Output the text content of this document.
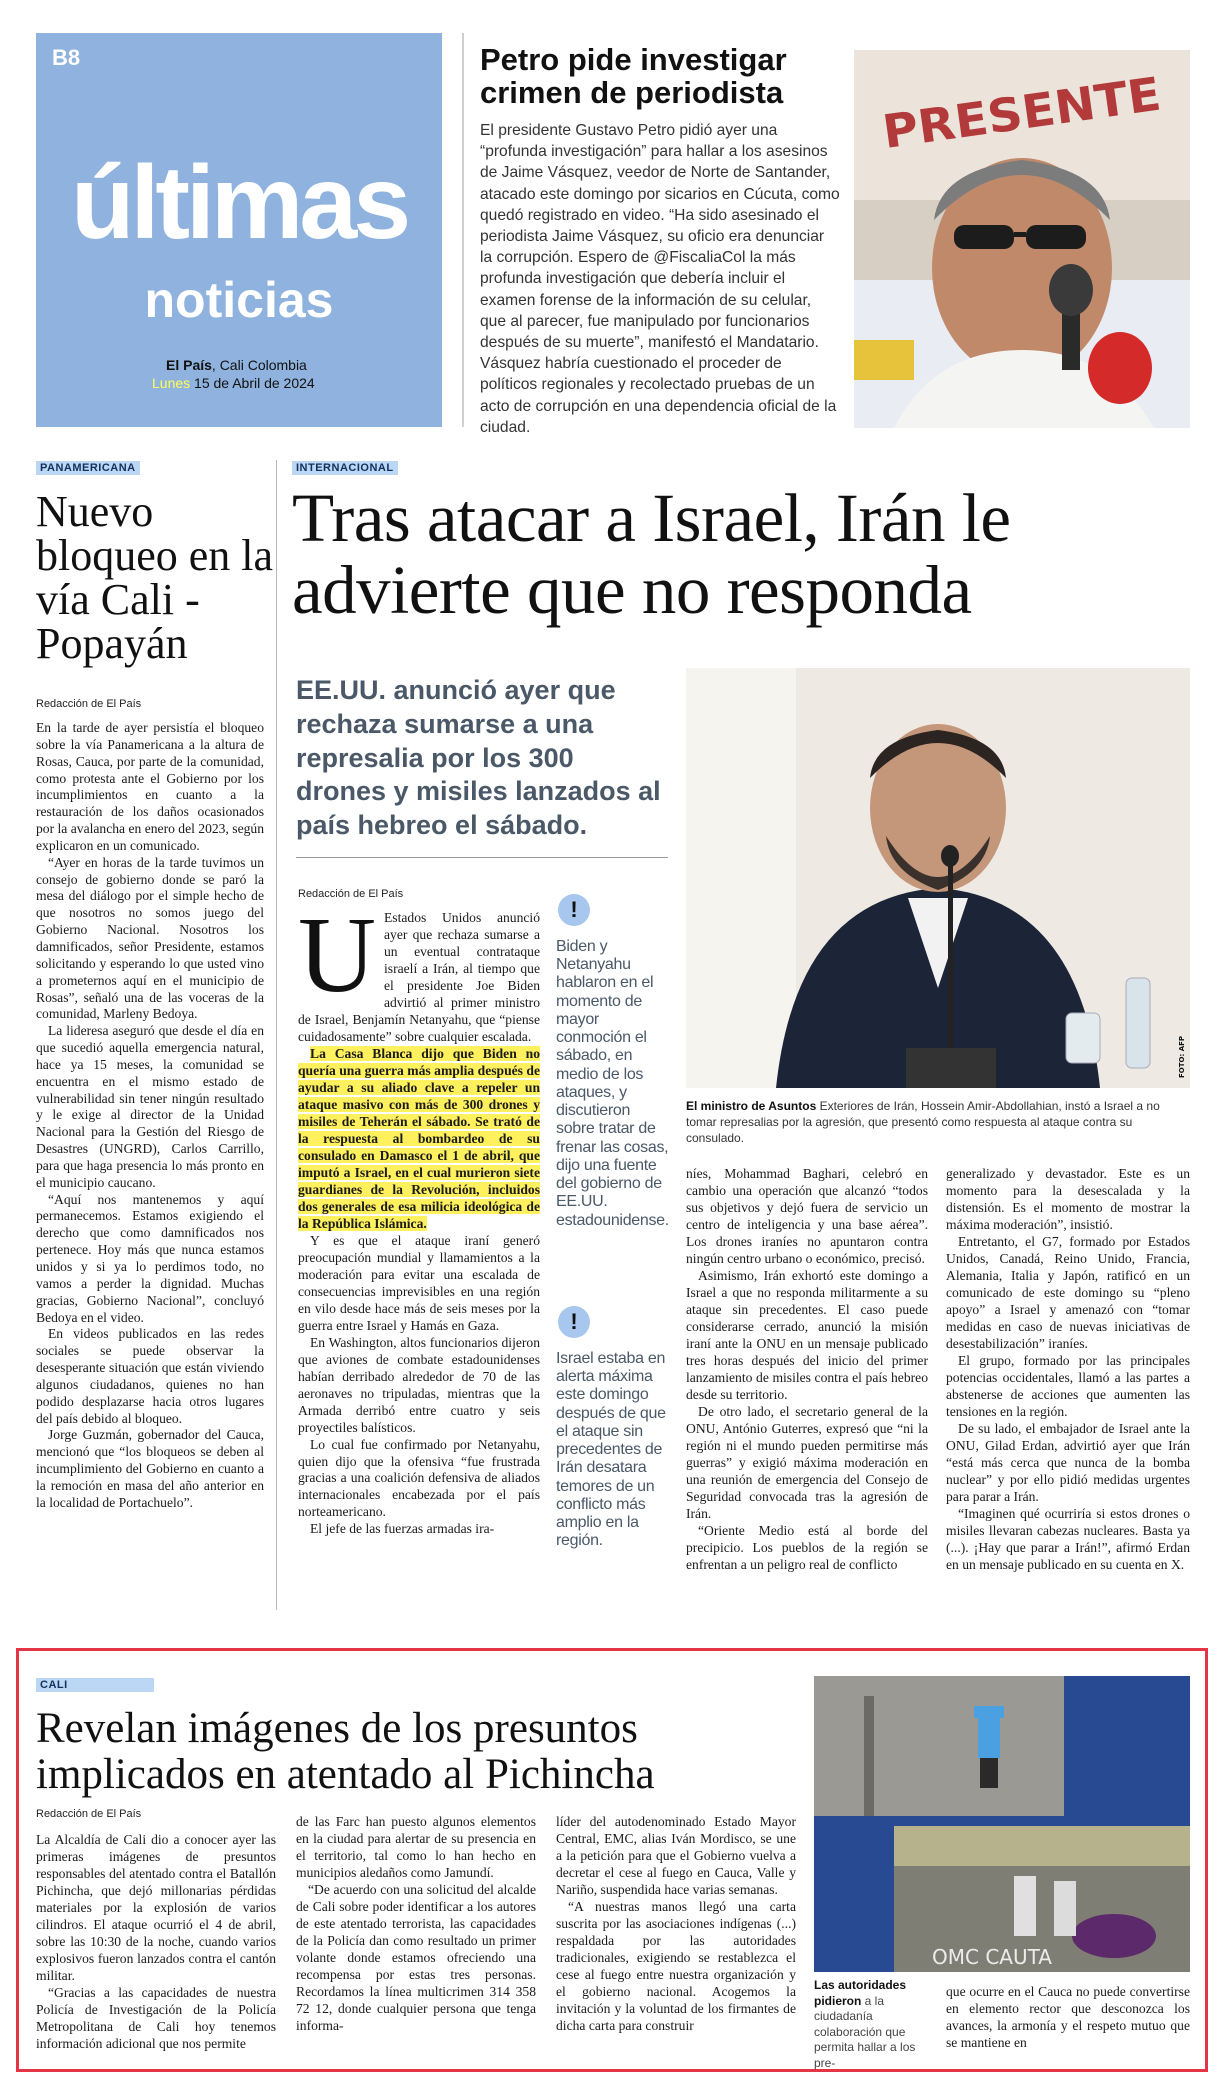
B8
últimas
noticias
El País, Cali Colombia
Lunes 15 de Abril de 2024
Petro pide investigar crimen de periodista
El presidente Gustavo Petro pidió ayer una “profunda investigación” para hallar a los asesinos de Jaime Vásquez, veedor de Norte de Santander, atacado este domingo por sicarios en Cúcuta, como quedó registrado en video. “Ha sido asesinado el periodista Jaime Vásquez, su oficio era denunciar la corrupción. Espero de @FiscaliaCol la más profunda investigación que debería incluir el examen forense de la información de su celular, que al parecer, fue manipulado por funcionarios después de su muerte”, manifestó el Mandatario. Vásquez habría cuestionado el proceder de políticos regionales y recolectado pruebas de un acto de corrupción en una dependencia oficial de la ciudad.
PRESENTE
PANAMERICANA
Nuevo bloqueo en la vía Cali - Popayán
Redacción de El País

En la tarde de ayer persistía el bloqueo sobre la vía Panamericana a la altura de Rosas, Cauca, por parte de la comunidad, como protesta ante el Gobierno por los incumplimientos en cuanto a la restauración de los daños ocasionados por la avalancha en enero del 2023, según explicaron en un comunicado.

“Ayer en horas de la tarde tuvimos un consejo de gobierno donde se paró la mesa del diálogo por el simple hecho de que nosotros no somos juego del Gobierno Nacional. Nosotros los damnificados, señor Presidente, estamos solicitando y esperando lo que usted vino a prometernos aquí en el municipio de Rosas”, señaló una de las voceras de la comunidad, Marleny Bedoya.

La lideresa aseguró que desde el día en que sucedió aquella emergencia natural, hace ya 15 meses, la comunidad se encuentra en el mismo estado de vulnerabilidad sin tener ningún resultado y le exige al director de la Unidad Nacional para la Gestión del Riesgo de Desastres (UNGRD), Carlos Carrillo, para que haga presencia lo más pronto en el municipio caucano.

“Aquí nos mantenemos y aquí permanecemos. Estamos exigiendo el derecho que como damnificados nos pertenece. Hoy más que nunca estamos unidos y si ya lo perdimos todo, no vamos a perder la dignidad. Muchas gracias, Gobierno Nacional”, concluyó Bedoya en el video.

En videos publicados en las redes sociales se puede observar la desesperante situación que están viviendo algunos ciudadanos, quienes no han podido desplazarse hacia otros lugares del país debido al bloqueo.

Jorge Guzmán, gobernador del Cauca, mencionó que “los bloqueos se deben al incumplimiento del Gobierno en cuanto a la remoción en masa del año anterior en la localidad de Portachuelo”.

INTERNACIONAL
Tras atacar a Israel, Irán le advierte que no responda
EE.UU. anunció ayer que rechaza sumarse a una represalia por los 300 drones y misiles lanzados al país hebreo el sábado.
FOTO: AFP
El ministro de Asuntos Exteriores de Irán, Hossein Amir-Abdollahian, instó a Israel a no tomar represalias por la agresión, que presentó como respuesta al ataque contra su consulado.
Redacción de El País

U Estados Unidos anunció ayer que rechaza sumarse a un eventual contrataque israelí a Irán, al tiempo que el presidente Joe Biden advirtió al primer ministro de Israel, Benjamín Netanyahu, que “piense cuidadosamente” sobre cualquier escalada.

La Casa Blanca dijo que Biden no quería una guerra más amplia después de ayudar a su aliado clave a repeler un ataque masivo con más de 300 drones y misiles de Teherán el sábado. Se trató de la respuesta al bombardeo de su consulado en Damasco el 1 de abril, que imputó a Israel, en el cual murieron siete guardianes de la Revolución, incluidos dos generales de esa milicia ideológica de la República Islámica.

Y es que el ataque iraní generó preocupación mundial y llamamientos a la moderación para evitar una escalada de consecuencias imprevisibles en una región en vilo desde hace más de seis meses por la guerra entre Israel y Hamás en Gaza.

En Washington, altos funcionarios dijeron que aviones de combate estadounidenses habían derribado alrededor de 70 de las aeronaves no tripuladas, mientras que la Armada derribó entre cuatro y seis proyectiles balísticos.

Lo cual fue confirmado por Netanyahu, quien dijo que la ofensiva “fue frustrada gracias a una coalición defensiva de aliados internacionales encabezada por el país norteamericano.

El jefe de las fuerzas armadas ira-

!
Biden y Netanyahu hablaron en el momento de mayor conmoción el sábado, en medio de los ataques, y discutieron sobre tratar de frenar las cosas, dijo una fuente del gobierno de EE.UU. estadounidense.
!
Israel estaba en alerta máxima este domingo después de que el ataque sin precedentes de Irán desatara temores de un conflicto más amplio en la región.

níes, Mohammad Baghari, celebró en cambio una operación que alcanzó “todos sus objetivos y dejó fuera de servicio un centro de inteligencia y una base aérea”. Los drones iraníes no apuntaron contra ningún centro urbano o económico, precisó.

Asimismo, Irán exhortó este domingo a Israel a que no responda militarmente a su ataque sin precedentes. El caso puede considerarse cerrado, anunció la misión iraní ante la ONU en un mensaje publicado tres horas después del inicio del primer lanzamiento de misiles contra el país hebreo desde su territorio.

De otro lado, el secretario general de la ONU, António Guterres, expresó que “ni la región ni el mundo pueden permitirse más guerras” y exigió máxima moderación en una reunión de emergencia del Consejo de Seguridad convocada tras la agresión de Irán.

“Oriente Medio está al borde del precipicio. Los pueblos de la región se enfrentan a un peligro real de conflicto

generalizado y devastador. Este es un momento para la desescalada y la distensión. Es el momento de mostrar la máxima moderación”, insistió.

Entretanto, el G7, formado por Estados Unidos, Canadá, Reino Unido, Francia, Alemania, Italia y Japón, ratificó en un comunicado de este domingo su “pleno apoyo” a Israel y amenazó con “tomar medidas en caso de nuevas iniciativas de desestabilización” iraníes.

El grupo, formado por las principales potencias occidentales, llamó a las partes a abstenerse de acciones que aumenten las tensiones en la región.

De su lado, el embajador de Israel ante la ONU, Gilad Erdan, advirtió ayer que Irán “está más cerca que nunca de la bomba nuclear” y por ello pidió medidas urgentes para parar a Irán.

“Imaginen qué ocurriría si estos drones o misiles llevaran cabezas nucleares. Basta ya (...). ¡Hay que parar a Irán!”, afirmó Erdan en un mensaje publicado en su cuenta en X.

CALI
Revelan imágenes de los presuntos implicados en atentado al Pichincha
Redacción de El País

La Alcaldía de Cali dio a conocer ayer las primeras imágenes de presuntos responsables del atentado contra el Batallón Pichincha, que dejó millonarias pérdidas materiales por la explosión de varios cilindros. El ataque ocurrió el 4 de abril, sobre las 10:30 de la noche, cuando varios explosivos fueron lanzados contra el cantón militar.

“Gracias a las capacidades de nuestra Policía de Investigación de la Policía Metropolitana de Cali hoy tenemos información adicional que nos permite

de las Farc han puesto algunos elementos en la ciudad para alertar de su presencia en el territorio, tal como lo han hecho en municipios aledaños como Jamundí.

“De acuerdo con una solicitud del alcalde de Cali sobre poder identificar a los autores de este atentado terrorista, las capacidades de la Policía dan como resultado un primer volante donde estamos ofreciendo una recompensa por estas tres personas. Recordamos la línea multicrimen 314 358 72 12, donde cualquier persona que tenga informa-

líder del autodenominado Estado Mayor Central, EMC, alias Iván Mordisco, se une a la petición para que el Gobierno vuelva a decretar el cese al fuego en Cauca, Valle y Nariño, suspendida hace varias semanas.

“A nuestras manos llegó una carta suscrita por las asociaciones indígenas (...) respaldada por las autoridades tradicionales, exigiendo se restablezca el cese al fuego entre nuestra organización y el gobierno nacional. Acogemos la invitación y la voluntad de los firmantes de dicha carta para construir

OMC CAUTA
Las autoridades pidieron a la ciudadanía colaboración que permita hallar a los pre-
que ocurre en el Cauca no puede convertirse en elemento rector que desconozca los avances, la armonía y el respeto mutuo que se mantiene en
